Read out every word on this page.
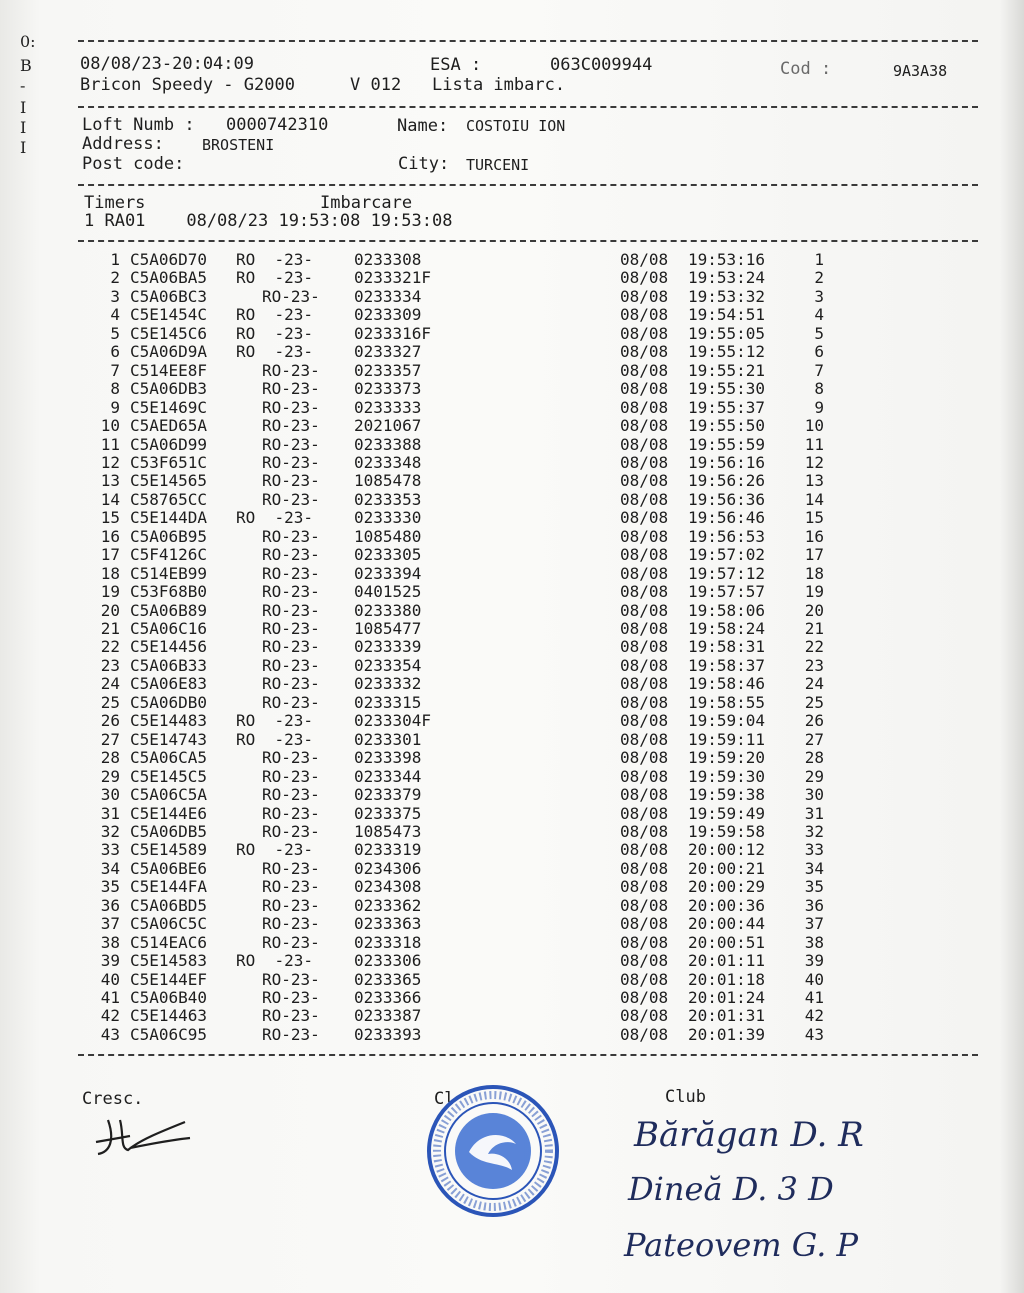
0:
B
-
I
I
I
08/08/23-20:04:09
Bricon Speedy - G2000	V 012 Lista imbarc.
ESA :	063C009944	Cod :	9A3A38
Loft Numb : 0000742310	Name: COSTOIU ION
Address:	BROSTENI
Post code:	City: TURCENI
Timers	Imbarcare
1 RA01    08/08/23 19:53:08 19:53:08
1 C5A06D70 RO  -23-	0233308	08/08 19:53:16	1
2 C5A06BA5 RO  -23-	0233321F	08/08 19:53:24	2
3 C5A06BC3	RO-23- 0233334	08/08 19:53:32	3
4 C5E1454C RO  -23-	0233309	08/08 19:54:51	4
5 C5E145C6 RO  -23-	0233316F	08/08 19:55:05	5
6 C5A06D9A RO  -23-	0233327	08/08 19:55:12	6
7 C514EE8F	RO-23- 0233357	08/08 19:55:21	7
8 C5A06DB3	RO-23- 0233373	08/08 19:55:30	8
9 C5E1469C	RO-23- 0233333	08/08 19:55:37	9
10 C5AED65A	RO-23- 2021067	08/08 19:55:50	10
11 C5A06D99	RO-23- 0233388	08/08 19:55:59	11
12 C53F651C	RO-23- 0233348	08/08 19:56:16	12
13 C5E14565	RO-23- 1085478	08/08 19:56:26	13
14 C58765CC	RO-23- 0233353	08/08 19:56:36	14
15 C5E144DA RO  -23-	0233330	08/08 19:56:46	15
16 C5A06B95	RO-23- 1085480	08/08 19:56:53	16
17 C5F4126C	RO-23- 0233305	08/08 19:57:02	17
18 C514EB99	RO-23- 0233394	08/08 19:57:12	18
19 C53F68B0	RO-23- 0401525	08/08 19:57:57	19
20 C5A06B89	RO-23- 0233380	08/08 19:58:06	20
21 C5A06C16	RO-23- 1085477	08/08 19:58:24	21
22 C5E14456	RO-23- 0233339	08/08 19:58:31	22
23 C5A06B33	RO-23- 0233354	08/08 19:58:37	23
24 C5A06E83	RO-23- 0233332	08/08 19:58:46	24
25 C5A06DB0	RO-23- 0233315	08/08 19:58:55	25
26 C5E14483 RO  -23-	0233304F	08/08 19:59:04	26
27 C5E14743 RO  -23-	0233301	08/08 19:59:11	27
28 C5A06CA5	RO-23- 0233398	08/08 19:59:20	28
29 C5E145C5	RO-23- 0233344	08/08 19:59:30	29
30 C5A06C5A	RO-23- 0233379	08/08 19:59:38	30
31 C5E144E6	RO-23- 0233375	08/08 19:59:49	31
32 C5A06DB5	RO-23- 1085473	08/08 19:59:58	32
33 C5E14589 RO  -23-	0233319	08/08 20:00:12	33
34 C5A06BE6	RO-23- 0234306	08/08 20:00:21	34
35 C5E144FA	RO-23- 0234308	08/08 20:00:29	35
36 C5A06BD5	RO-23- 0233362	08/08 20:00:36	36
37 C5A06C5C	RO-23- 0233363	08/08 20:00:44	37
38 C514EAC6	RO-23- 0233318	08/08 20:00:51	38
39 C5E14583 RO  -23-	0233306	08/08 20:01:11	39
40 C5E144EF	RO-23- 0233365	08/08 20:01:18	40
41 C5A06B40	RO-23- 0233366	08/08 20:01:24	41
42 C5E14463	RO-23- 0233387	08/08 20:01:31	42
43 C5A06C95	RO-23- 0233393	08/08 20:01:39	43
Cresc.	Cl	Club
Bărăgan D. R
Dineă D. 3 D
Pateovem G. P
